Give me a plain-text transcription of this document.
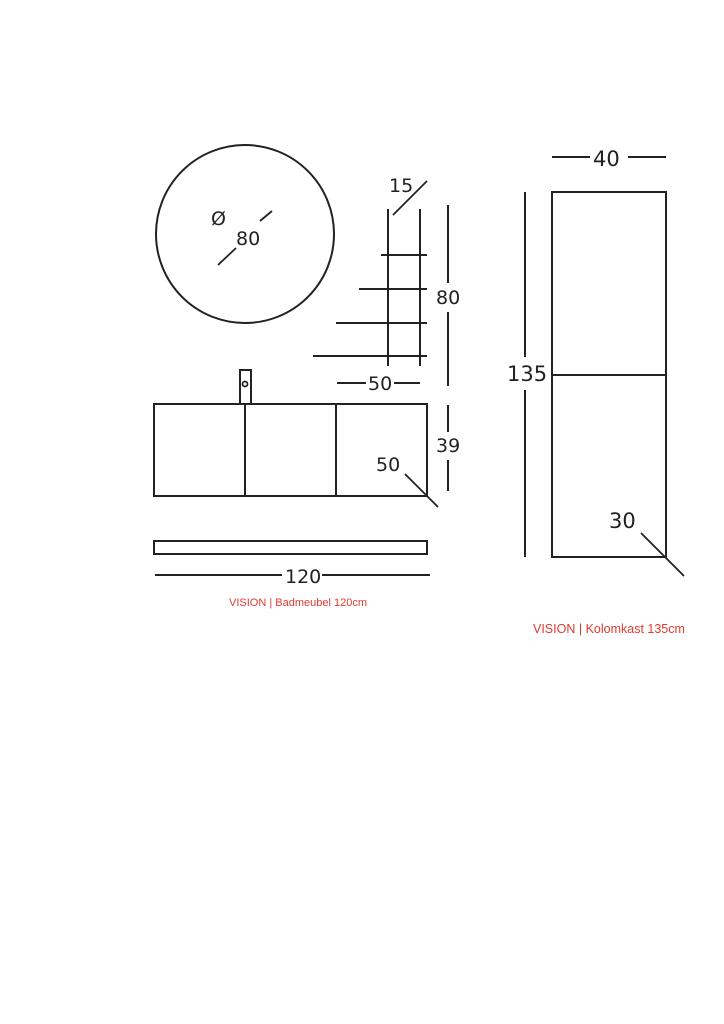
Ø
80
15
80
50
39
50
120
VISION | Badmeubel 120cm
40
135
30
VISION | Kolomkast 135cm
